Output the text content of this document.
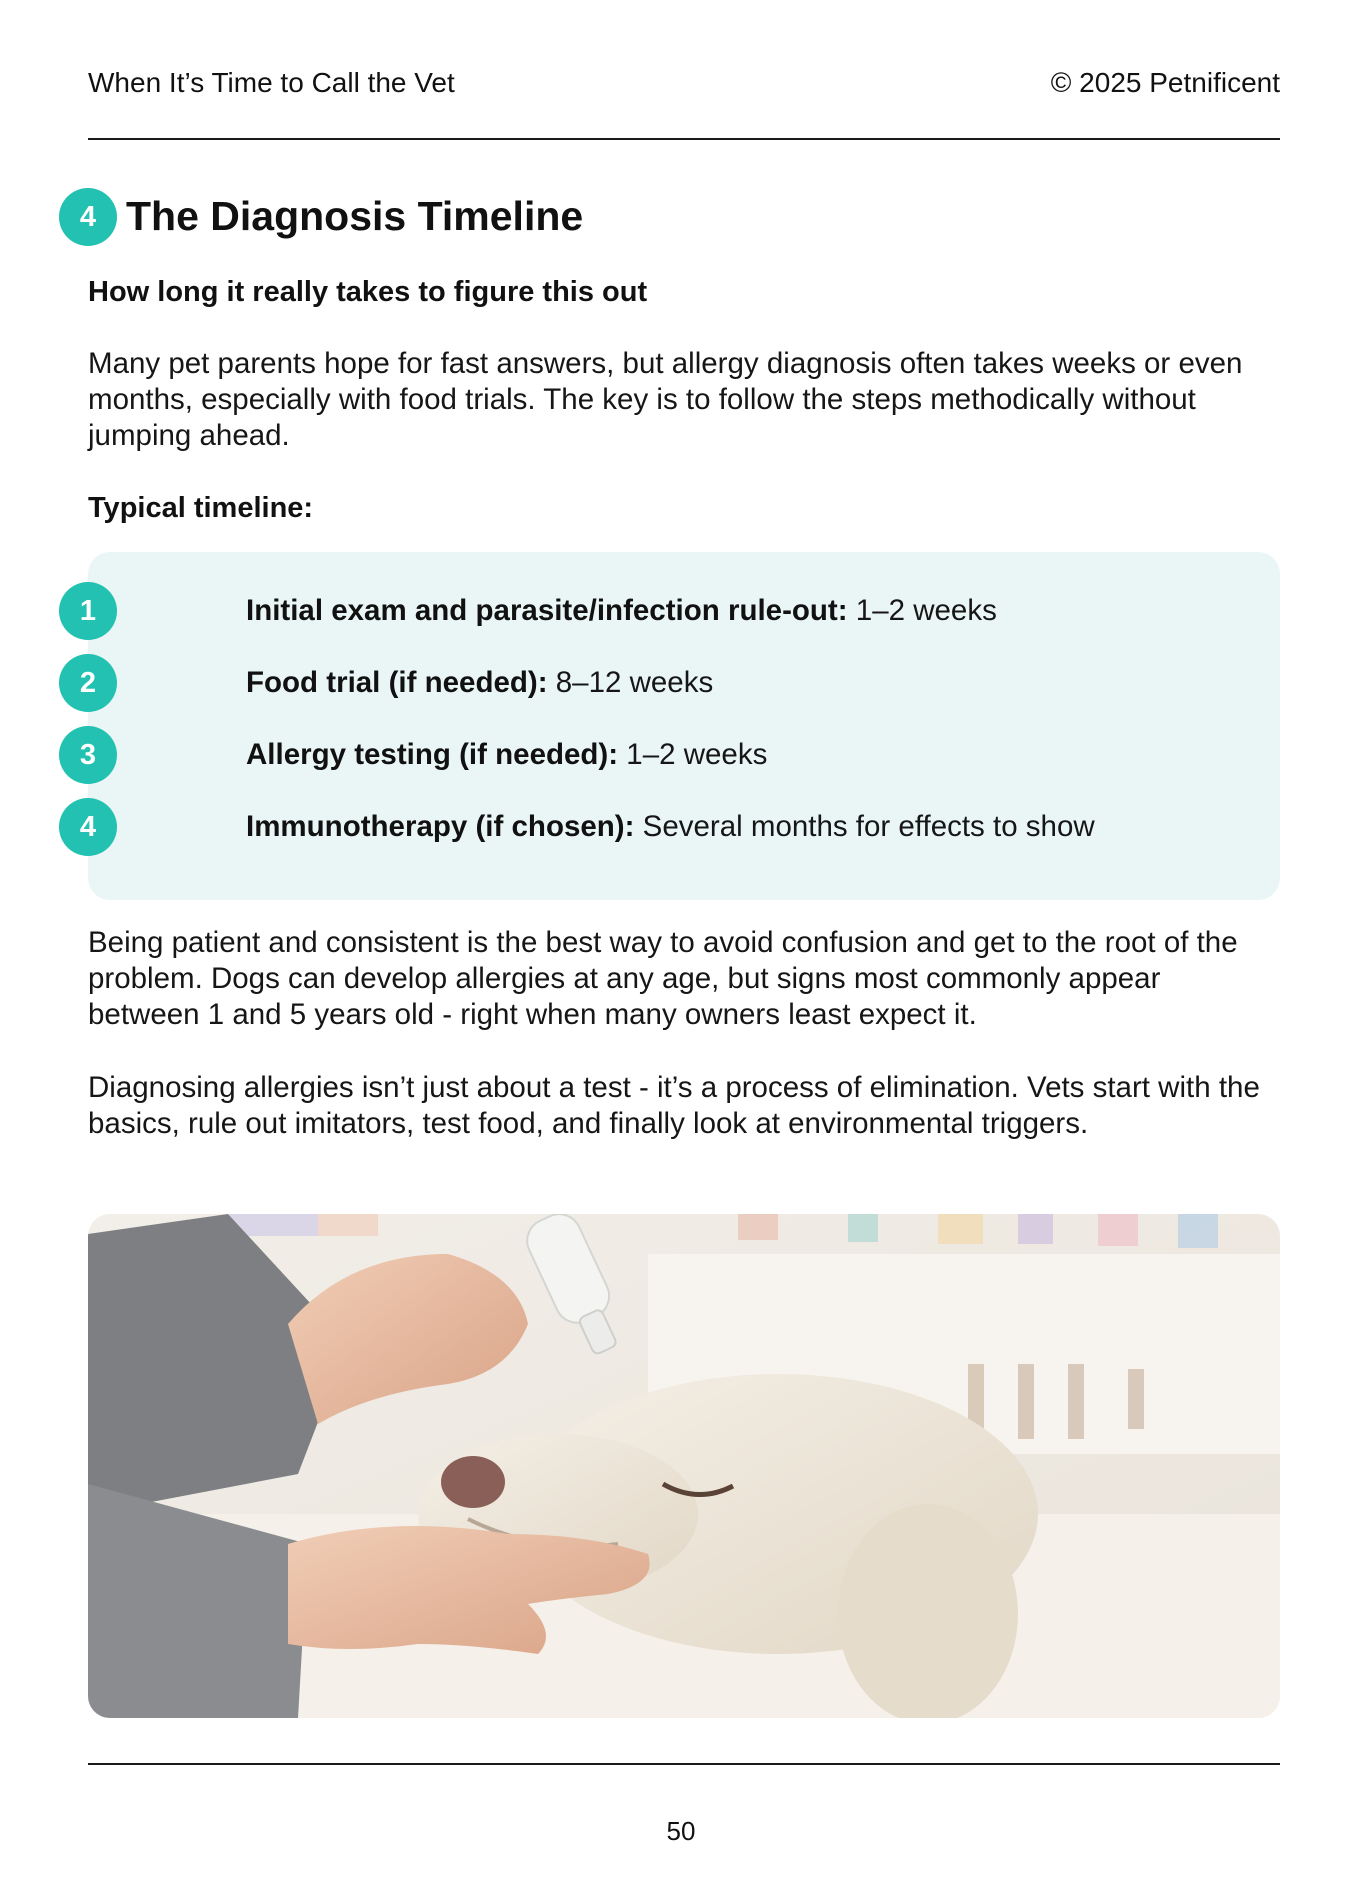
When It’s Time to Call the Vet	© 2025 Petnificent
4 The Diagnosis Timeline
How long it really takes to figure this out

Many pet parents hope for fast answers, but allergy diagnosis often takes weeks or even months, especially with food trials. The key is to follow the steps methodically without jumping ahead.

Typical timeline:
1	Initial exam and parasite/infection rule-out: 1–2 weeks

2	Food trial (if needed): 8–12 weeks

3	Allergy testing (if needed): 1–2 weeks

4	Immunotherapy (if chosen): Several months for effects to show

Being patient and consistent is the best way to avoid confusion and get to the root of the problem. Dogs can develop allergies at any age, but signs most commonly appear between 1 and 5 years old - right when many owners least expect it.

Diagnosing allergies isn’t just about a test - it’s a process of elimination. Vets start with the basics, rule out imitators, test food, and finally look at environmental triggers.

50
